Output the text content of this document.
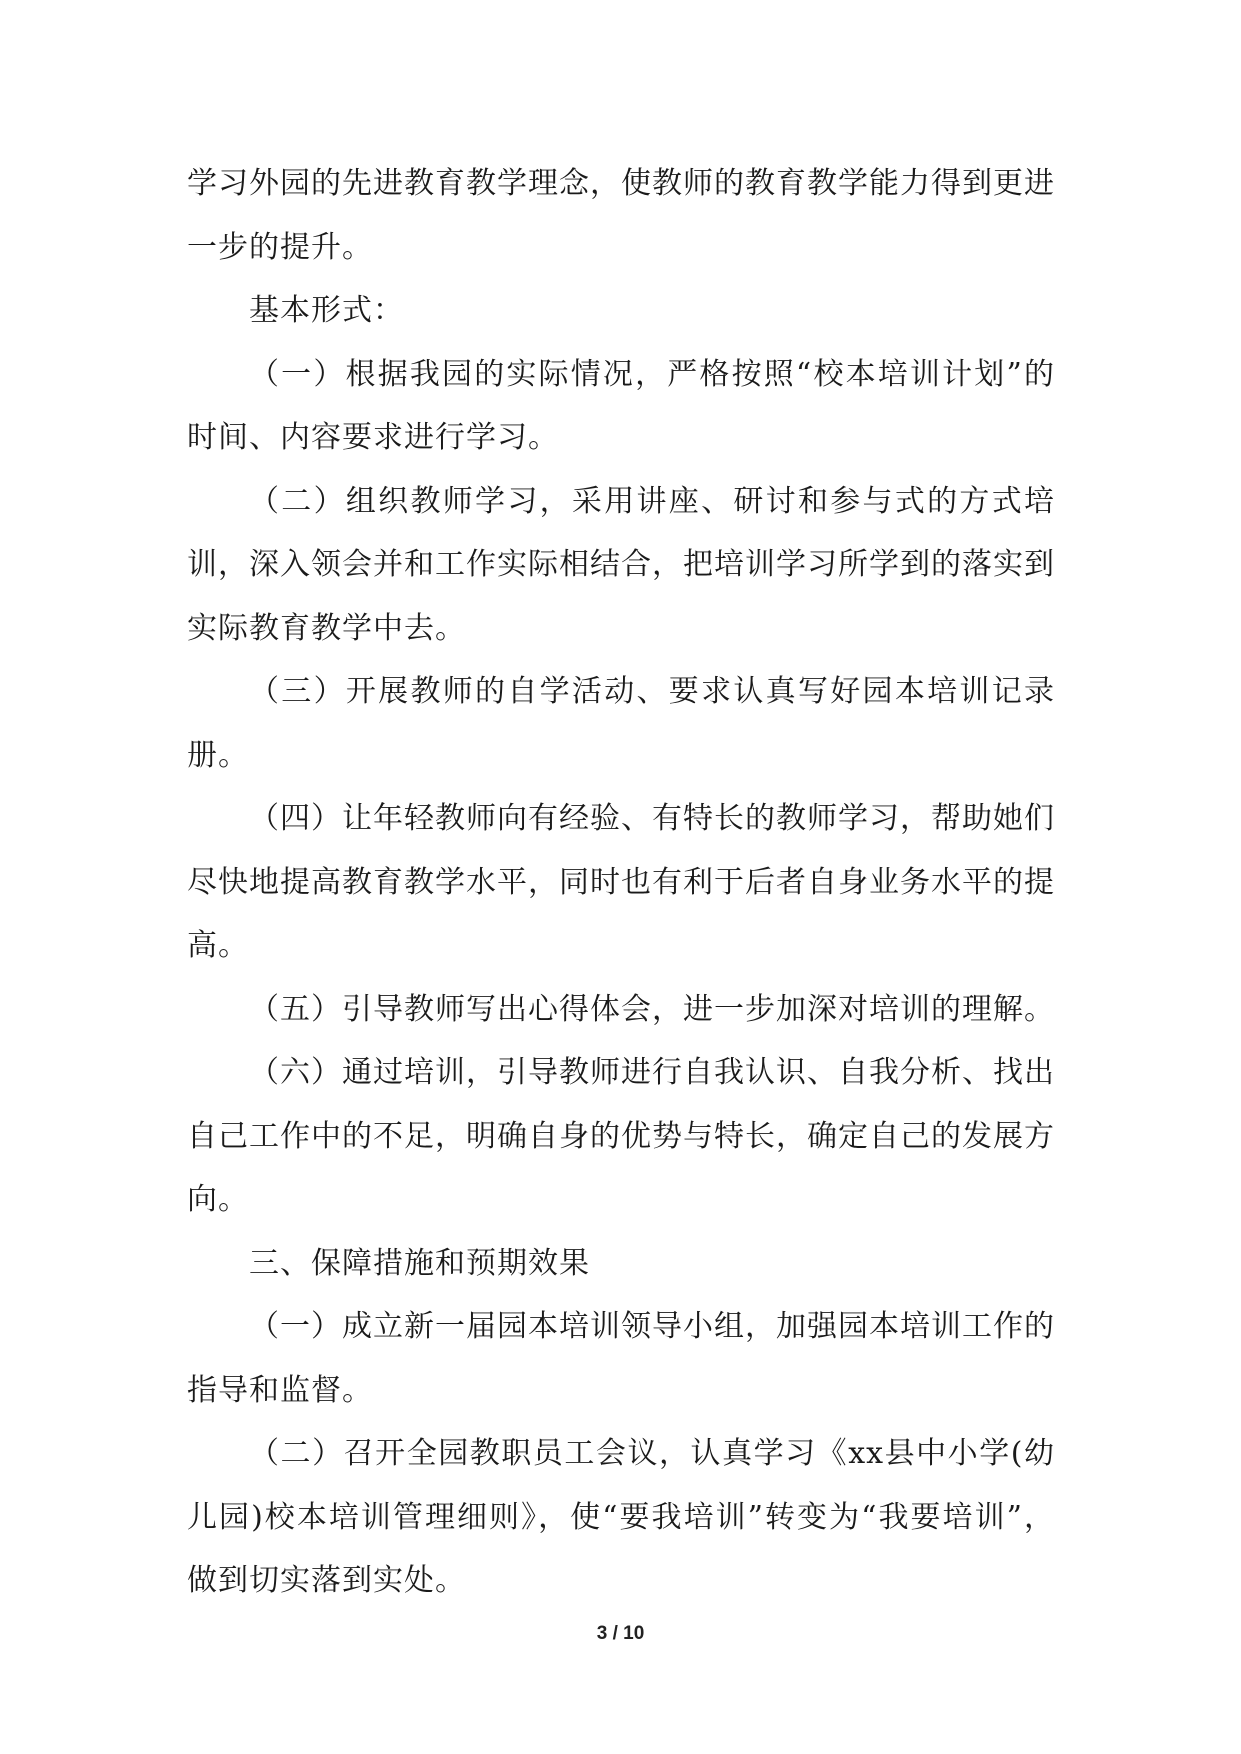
学习外园的先进教育教学理念，使教师的教育教学能力得到更进一步的提升。

基本形式：

（一）根据我园的实际情况，严格按照“校本培训计划”的时间、内容要求进行学习。

（二）组织教师学习，采用讲座、研讨和参与式的方式培训，深入领会并和工作实际相结合，把培训学习所学到的落实到实际教育教学中去。

（三）开展教师的自学活动、要求认真写好园本培训记录册。

（四）让年轻教师向有经验、有特长的教师学习，帮助她们尽快地提高教育教学水平，同时也有利于后者自身业务水平的提高。

（五）引导教师写出心得体会，进一步加深对培训的理解。

（六）通过培训，引导教师进行自我认识、自我分析、找出自己工作中的不足，明确自身的优势与特长，确定自己的发展方向。

三、保障措施和预期效果

（一）成立新一届园本培训领导小组，加强园本培训工作的指导和监督。

（二）召开全园教职员工会议，认真学习《xx县中小学(幼儿园)校本培训管理细则》，使“要我培训”转变为“我要培训”，做到切实落到实处。

3 / 10
